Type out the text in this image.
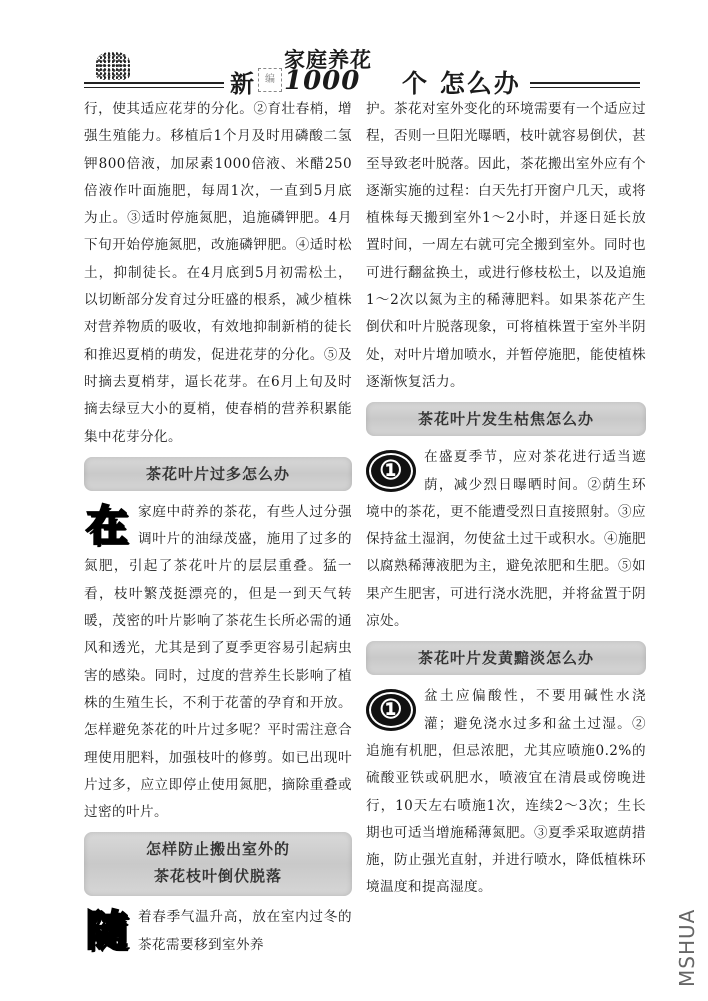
新	编
家庭养花
1000 个 怎么办

行，使其适应花芽的分化。②育壮春梢，增强生殖能力。移植后1个月及时用磷酸二氢钾800倍液，加尿素1000倍液、米醋250倍液作叶面施肥，每周1次，一直到5月底为止。③适时停施氮肥，追施磷钾肥。4月下旬开始停施氮肥，改施磷钾肥。④适时松土，抑制徒长。在4月底到5月初需松土，以切断部分发育过分旺盛的根系，减少植株对营养物质的吸收，有效地抑制新梢的徒长和推迟夏梢的萌发，促进花芽的分化。⑤及时摘去夏梢芽，逼长花芽。在6月上旬及时摘去绿豆大小的夏梢，使春梢的营养积累能集中花芽分化。

茶花叶片过多怎么办
在 家庭中莳养的茶花，有些人过分强调叶片的油绿茂盛，施用了过多的氮肥，引起了茶花叶片的层层重叠。猛一看，枝叶繁茂挺漂亮的，但是一到天气转暖，茂密的叶片影响了茶花生长所必需的通风和透光，尤其是到了夏季更容易引起病虫害的感染。同时，过度的营养生长影响了植株的生殖生长，不利于花蕾的孕育和开放。怎样避免茶花的叶片过多呢？平时需注意合理使用肥料，加强枝叶的修剪。如已出现叶片过多，应立即停止使用氮肥，摘除重叠或过密的叶片。

怎样防止搬出室外的
茶花枝叶倒伏脱落
随 着春季气温升高，放在室内过冬的茶花需要移到室外养

护。茶花对室外变化的环境需要有一个适应过程，否则一旦阳光曝晒，枝叶就容易倒伏，甚至导致老叶脱落。因此，茶花搬出室外应有个逐渐实施的过程：白天先打开窗户几天，或将植株每天搬到室外1～2小时，并逐日延长放置时间，一周左右就可完全搬到室外。同时也可进行翻盆换土，或进行修枝松土，以及追施1～2次以氮为主的稀薄肥料。如果茶花产生倒伏和叶片脱落现象，可将植株置于室外半阴处，对叶片增加喷水，并暂停施肥，能使植株逐渐恢复活力。

茶花叶片发生枯焦怎么办
①	在盛夏季节，应对茶花进行适当遮荫，减少烈日曝晒时间。②荫生环境中的茶花，更不能遭受烈日直接照射。③应保持盆土湿润，勿使盆土过干或积水。④施肥以腐熟稀薄液肥为主，避免浓肥和生肥。⑤如果产生肥害，可进行浇水洗肥，并将盆置于阴凉处。

茶花叶片发黄黯淡怎么办
①	盆土应偏酸性，不要用碱性水浇灌；避免浇水过多和盆土过湿。②追施有机肥，但忌浓肥，尤其应喷施0.2%的硫酸亚铁或矾肥水，喷液宜在清晨或傍晚进行，10天左右喷施1次，连续2～3次；生长期也可适当增施稀薄氮肥。③夏季采取遮荫措施，防止强光直射，并进行喷水，降低植株环境温度和提高湿度。

MSHUA
